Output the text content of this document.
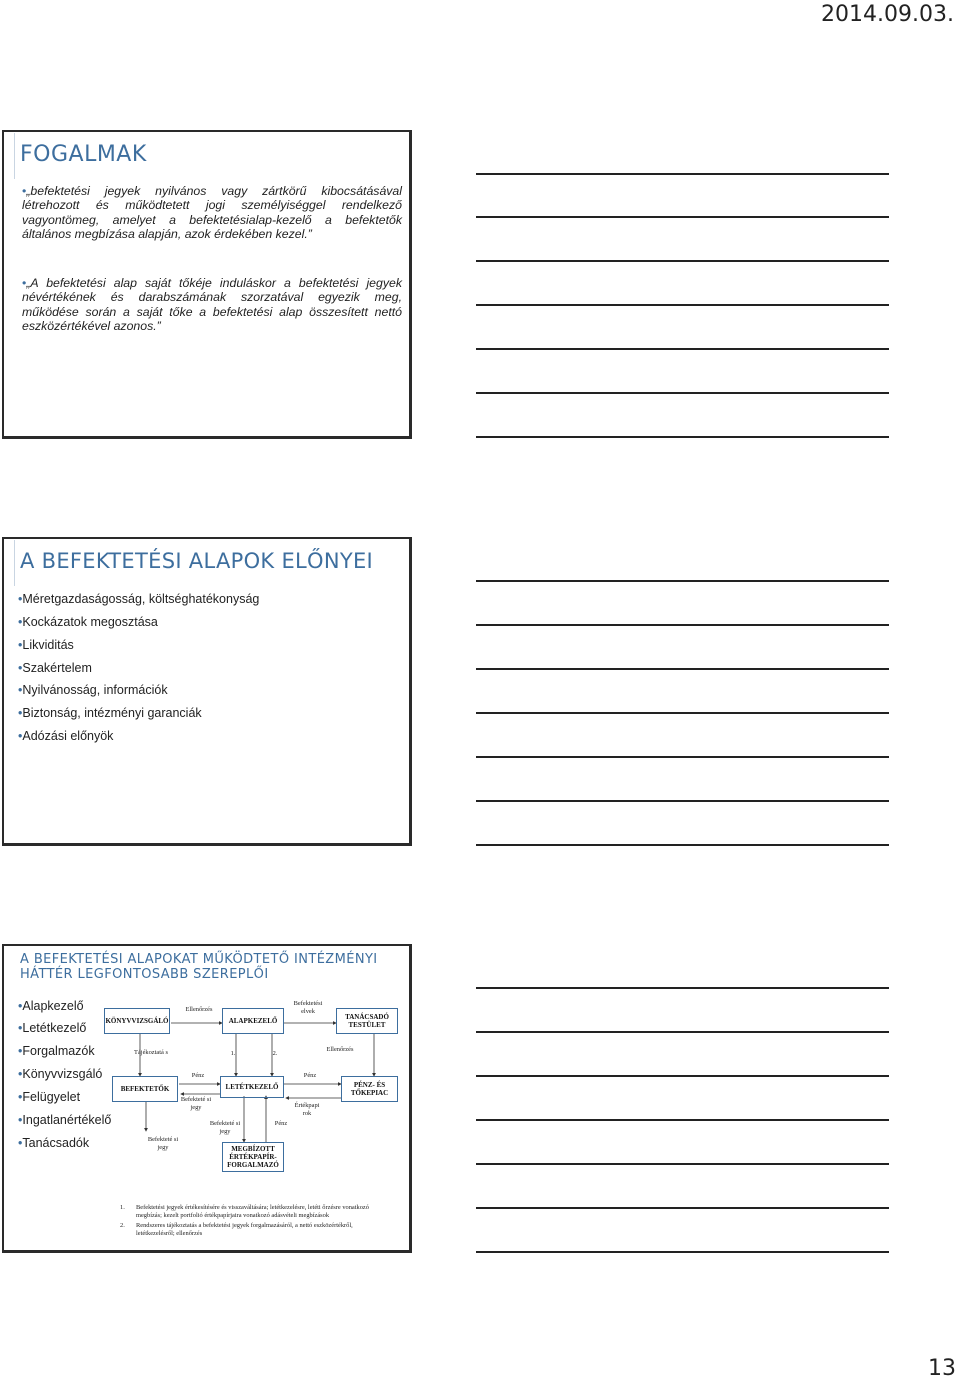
2014.09.03.
FOGALMAK
•„befektetési jegyek nyilvános vagy zártkörű kibocsátásával létrehozott és működtetett jogi személyiséggel rendelkező vagyontömeg, amelyet a befektetésialap-kezelő a befektetők általános megbízása alapján, azok érdekében kezel.”
•„A befektetési alap saját tőkéje induláskor a befektetési jegyek névértékének és darabszámának szorzatával egyezik meg, működése során a saját tőke a befektetési alap összesített nettó eszközértékével azonos.”
A BEFEKTETÉSI ALAPOK ELŐNYEI
•Méretgazdaságosság, költséghatékonyság
•Kockázatok megosztása
•Likviditás
•Szakértelem
•Nyilvánosság, információk
•Biztonság, intézményi garanciák
•Adózási előnyök
A BEFEKTETÉSI ALAPOKAT MŰKÖDTETŐ INTÉZMÉNYI
HÁTTÉR LEGFONTOSABB SZEREPLŐI
•Alapkezelő
•Letétkezelő
•Forgalmazók
•Könyvvizsgáló
•Felügyelet
•Ingatlanértékelő
•Tanácsadók
KÖNYVVIZSGÁLÓ	ALAPKEZELŐ	TANÁCSADÓ TESTÜLET
BEFEKTETŐK	LETÉTKEZELŐ	PÉNZ- ÉS TŐKEPIAC
MEGBÍZOTT ÉRTÉKPAPÍR-FORGALMAZÓ
Ellenőrzés
Befektetési elvek
Ellenőrzés
Tájékoztatá s	1.	2.
Pénz	Pénz
Befekteté si jegy	Értékpapi rok
Befekteté si jegy
Pénz
Befekteté si jegy
1.	Befektetési jegyek értékesítésére és visszaváltására; letétkezelésre, letéti őrzésre vonatkozó megbízás; kezelt portfolió értékpapírjaira vonatkozó adásvételi megbízások
2.	Rendszeres tájékoztatás a befektetési jegyek forgalmazásáról, a nettó eszközértékről, letétkezelésről; ellenőrzés
13
